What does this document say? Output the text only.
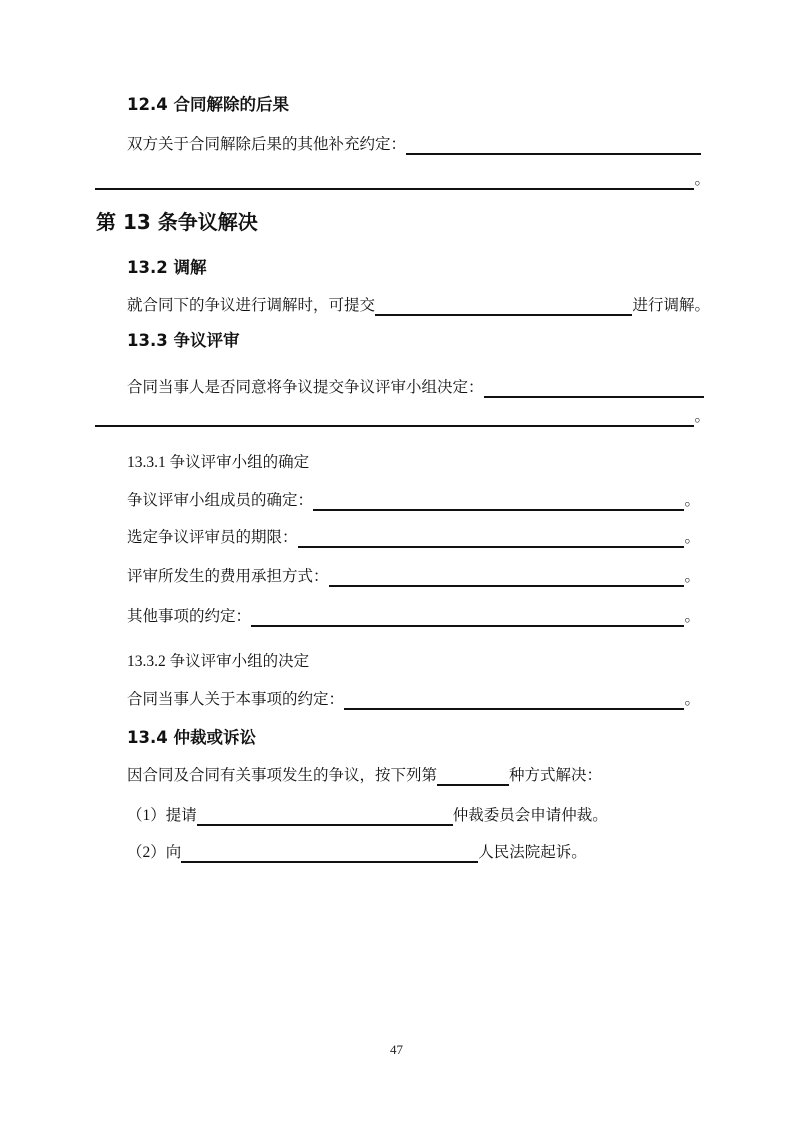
12.4 合同解除的后果
双方关于合同解除后果的其他补充约定：
。
第 13 条争议解决
13.2 调解
就合同下的争议进行调解时，可提交	进行调解。
13.3 争议评审
合同当事人是否同意将争议提交争议评审小组决定：
。
13.3.1 争议评审小组的确定
争议评审小组成员的确定：	。
选定争议评审员的期限：	。
评审所发生的费用承担方式：	。
其他事项的约定：	。
13.3.2 争议评审小组的决定
合同当事人关于本事项的约定：	。
13.4 仲裁或诉讼
因合同及合同有关事项发生的争议，按下列第	种方式解决：
（1）提请	仲裁委员会申请仲裁。
（2）向	人民法院起诉。
47
